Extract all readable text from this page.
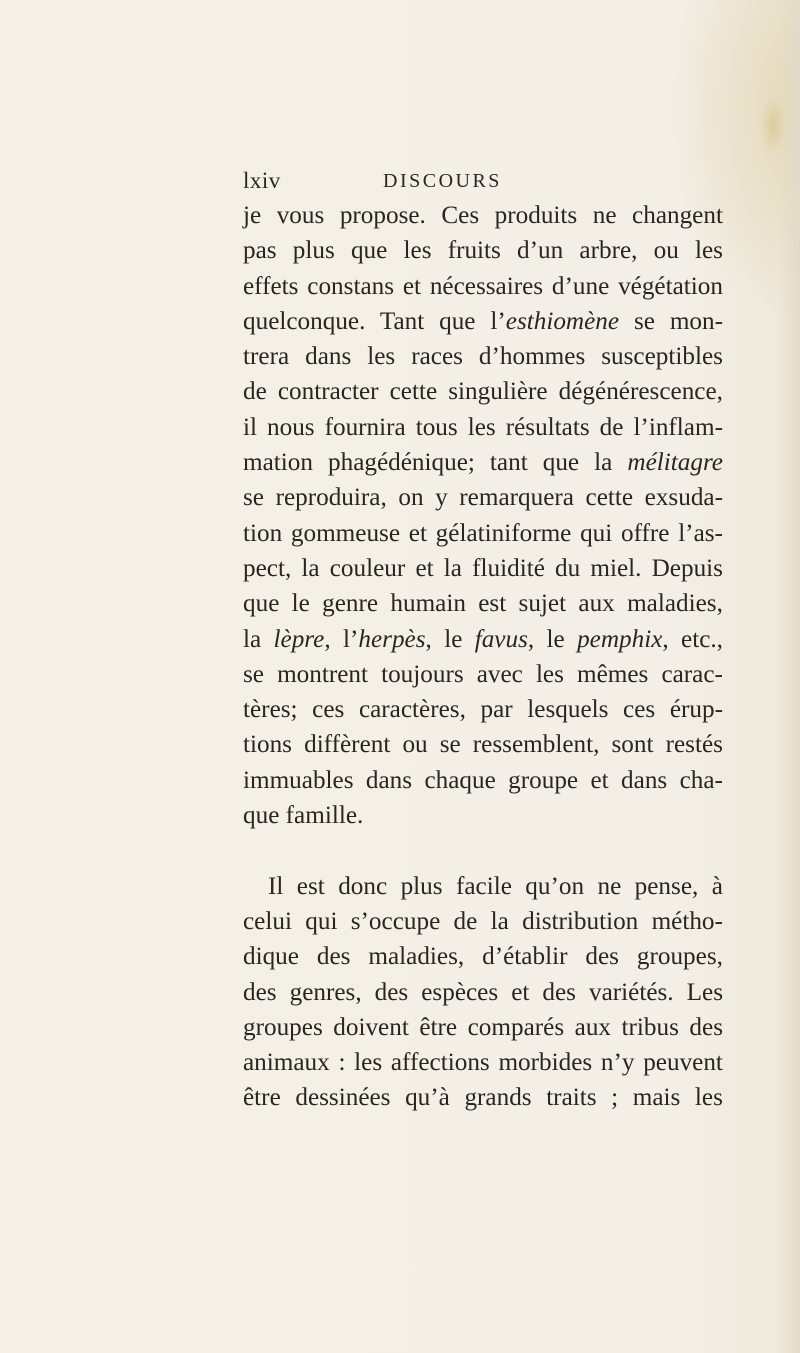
lxiv	DISCOURS
je vous propose. Ces produits ne changent
pas plus que les fruits d’un arbre, ou les
effets constans et nécessaires d’une végétation
quelconque. Tant que l’esthiomène se mon-
trera dans les races d’hommes susceptibles
de contracter cette singulière dégénérescence,
il nous fournira tous les résultats de l’inflam-
mation phagédénique; tant que la mélitagre
se reproduira, on y remarquera cette exsuda-
tion gommeuse et gélatiniforme qui offre l’as-
pect, la couleur et la fluidité du miel. Depuis
que le genre humain est sujet aux maladies,
la lèpre, l’herpès, le favus, le pemphix, etc.,
se montrent toujours avec les mêmes carac-
tères; ces caractères, par lesquels ces érup-
tions diffèrent ou se ressemblent, sont restés
immuables dans chaque groupe et dans cha-
que famille.
Il est donc plus facile qu’on ne pense, à
celui qui s’occupe de la distribution métho-
dique des maladies, d’établir des groupes,
des genres, des espèces et des variétés. Les
groupes doivent être comparés aux tribus des
animaux : les affections morbides n’y peuvent
être dessinées qu’à grands traits ; mais les
